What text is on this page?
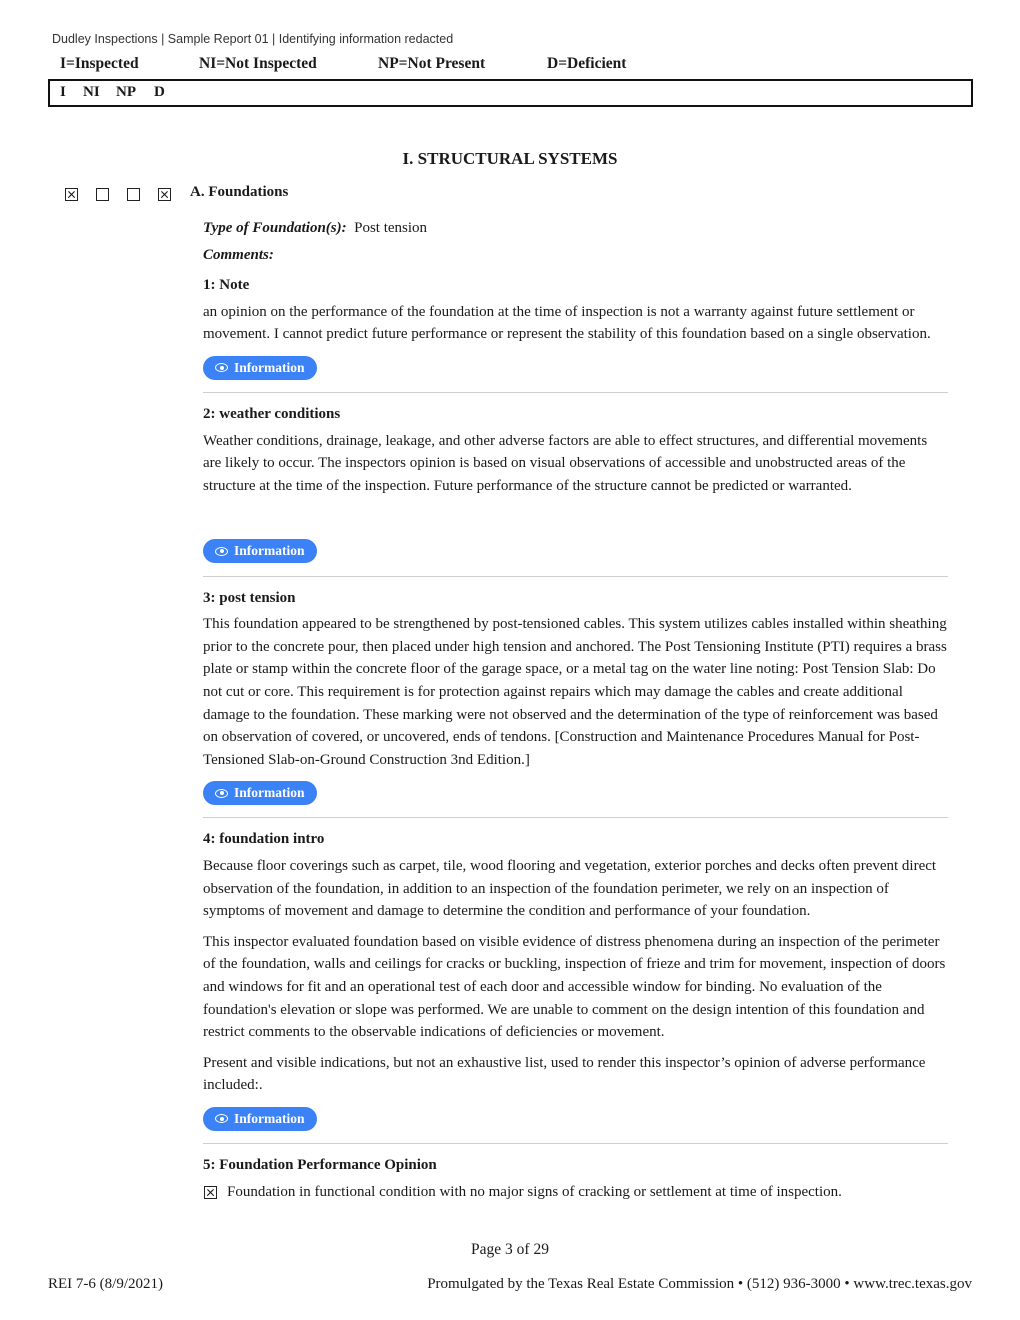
Dudley Inspections | Sample Report 01 | Identifying information redacted
I=Inspected	NI=Not Inspected	NP=Not Present	D=Deficient
I NI NP D
I. STRUCTURAL SYSTEMS
A. Foundations
Type of Foundation(s): Post tension
Comments:
1: Note
an opinion on the performance of the foundation at the time of inspection is not a warranty against future settlement or movement. I cannot predict future performance or represent the stability of this foundation based on a single observation.
Information
2: weather conditions
Weather conditions, drainage, leakage, and other adverse factors are able to effect structures, and differential movements are likely to occur. The inspectors opinion is based on visual observations of accessible and unobstructed areas of the structure at the time of the inspection. Future performance of the structure cannot be predicted or warranted.
Information
3: post tension
This foundation appeared to be strengthened by post-tensioned cables. This system utilizes cables installed within sheathing prior to the concrete pour, then placed under high tension and anchored. The Post Tensioning Institute (PTI) requires a brass plate or stamp within the concrete floor of the garage space, or a metal tag on the water line noting: Post Tension Slab: Do not cut or core. This requirement is for protection against repairs which may damage the cables and create additional damage to the foundation. These marking were not observed and the determination of the type of reinforcement was based on observation of covered, or uncovered, ends of tendons. [Construction and Maintenance Procedures Manual for Post-Tensioned Slab-on-Ground Construction 3nd Edition.]
Information
4: foundation intro
Because floor coverings such as carpet, tile, wood flooring and vegetation, exterior porches and decks often prevent direct observation of the foundation, in addition to an inspection of the foundation perimeter, we rely on an inspection of symptoms of movement and damage to determine the condition and performance of your foundation.
This inspector evaluated foundation based on visible evidence of distress phenomena during an inspection of the perimeter of the foundation, walls and ceilings for cracks or buckling, inspection of frieze and trim for movement, inspection of doors and windows for fit and an operational test of each door and accessible window for binding. No evaluation of the foundation's elevation or slope was performed. We are unable to comment on the design intention of this foundation and restrict comments to the observable indications of deficiencies or movement.
Present and visible indications, but not an exhaustive list, used to render this inspector’s opinion of adverse performance included:.
Information
5: Foundation Performance Opinion
Foundation in functional condition with no major signs of cracking or settlement at time of inspection.
Page 3 of 29
REI 7-6 (8/9/2021)	Promulgated by the Texas Real Estate Commission • (512) 936-3000 • www.trec.texas.gov
